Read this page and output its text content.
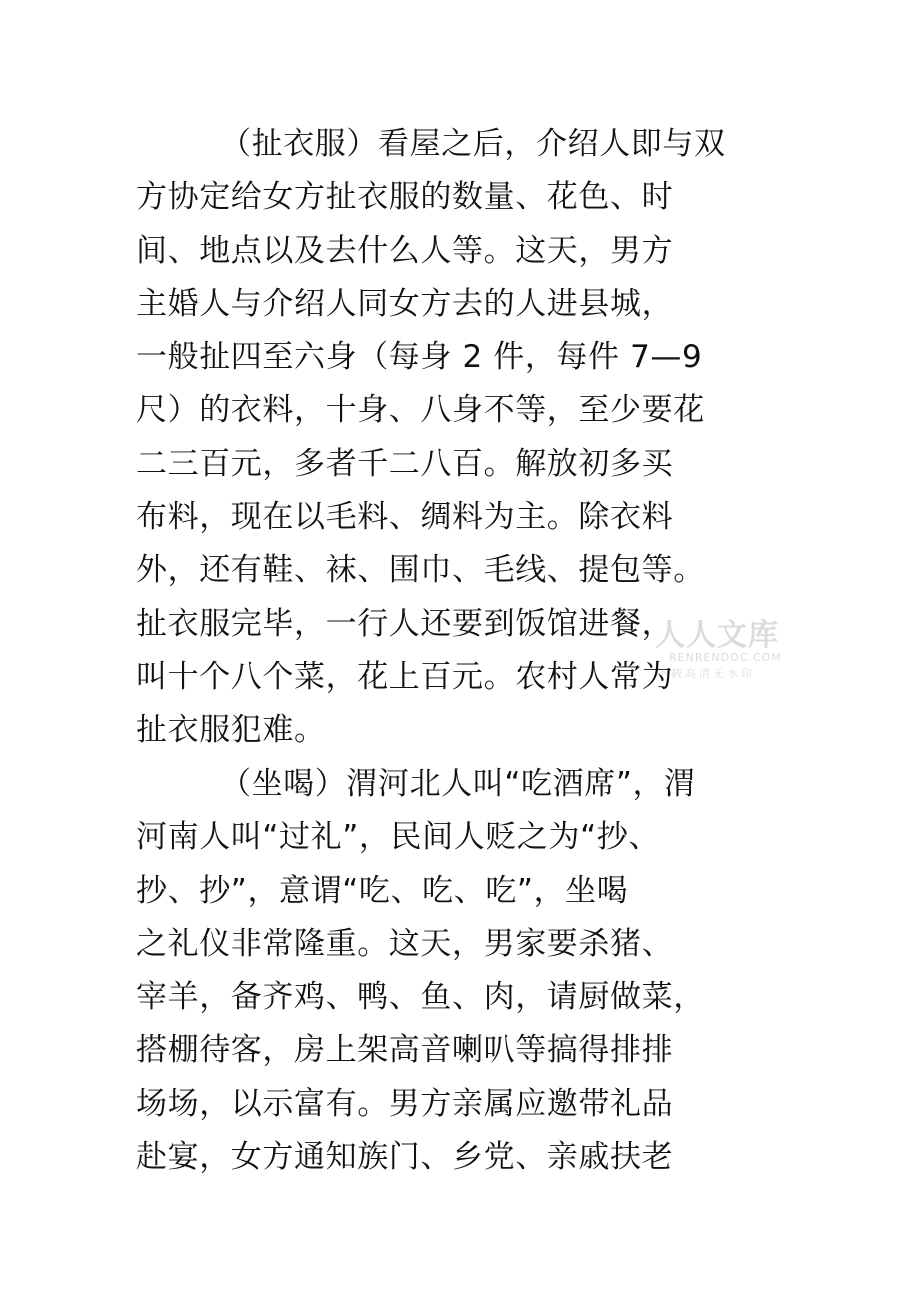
（扯衣服）看屋之后，介绍人即与双
方协定给女方扯衣服的数量、花色、时
间、地点以及去什么人等。这天，男方
主婚人与介绍人同女方去的人进县城，
一般扯四至六身（每身 2 件，每件 7—9
尺）的衣料，十身、八身不等，至少要花
二三百元，多者千二八百。解放初多买
布料，现在以毛料、绸料为主。除衣料
外，还有鞋、袜、围巾、毛线、提包等。
扯衣服完毕，一行人还要到饭馆进餐，
叫十个八个菜，花上百元。农村人常为
扯衣服犯难。
（坐喝）渭河北人叫“吃酒席”，渭
河南人叫“过礼”，民间人贬之为“抄、
抄、抄”，意谓“吃、吃、吃”，坐喝
之礼仪非常隆重。这天，男家要杀猪、
宰羊，备齐鸡、鸭、鱼、肉，请厨做菜，
搭棚待客，房上架高音喇叭等搞得排排
场场，以示富有。男方亲属应邀带礼品
赴宴，女方通知族门、乡党、亲戚扶老
人人文库
RENRENDOC.COM
下载高清无水印
